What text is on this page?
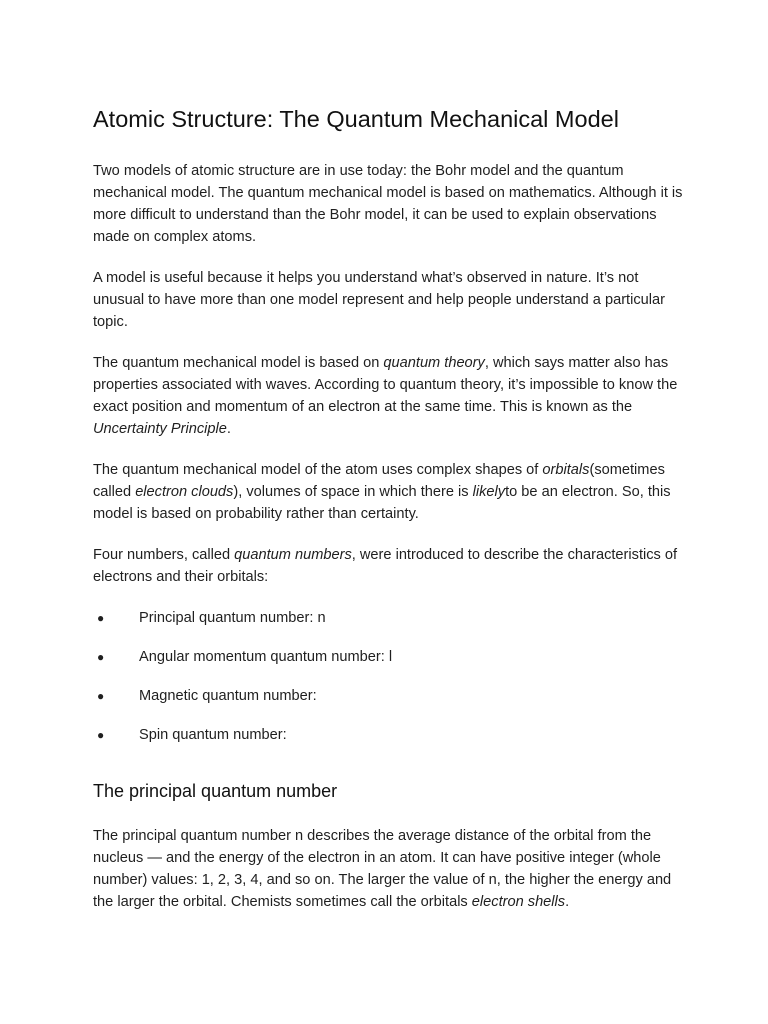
Atomic Structure: The Quantum Mechanical Model

Two models of atomic structure are in use today: the Bohr model and the quantum mechanical model. The quantum mechanical model is based on mathematics. Although it is more difficult to understand than the Bohr model, it can be used to explain observations made on complex atoms.

A model is useful because it helps you understand what’s observed in nature. It’s not unusual to have more than one model represent and help people understand a particular topic.

The quantum mechanical model is based on quantum theory, which says matter also has properties associated with waves. According to quantum theory, it’s impossible to know the exact position and momentum of an electron at the same time. This is known as the Uncertainty Principle.

The quantum mechanical model of the atom uses complex shapes of orbitals(sometimes called electron clouds), volumes of space in which there is likelyto be an electron. So, this model is based on probability rather than certainty.

Four numbers, called quantum numbers, were introduced to describe the characteristics of electrons and their orbitals:

● Principal quantum number: n
● Angular momentum quantum number: l
● Magnetic quantum number:
● Spin quantum number:
The principal quantum number

The principal quantum number n describes the average distance of the orbital from the nucleus — and the energy of the electron in an atom. It can have positive integer (whole number) values: 1, 2, 3, 4, and so on. The larger the value of n, the higher the energy and the larger the orbital. Chemists sometimes call the orbitals electron shells.
